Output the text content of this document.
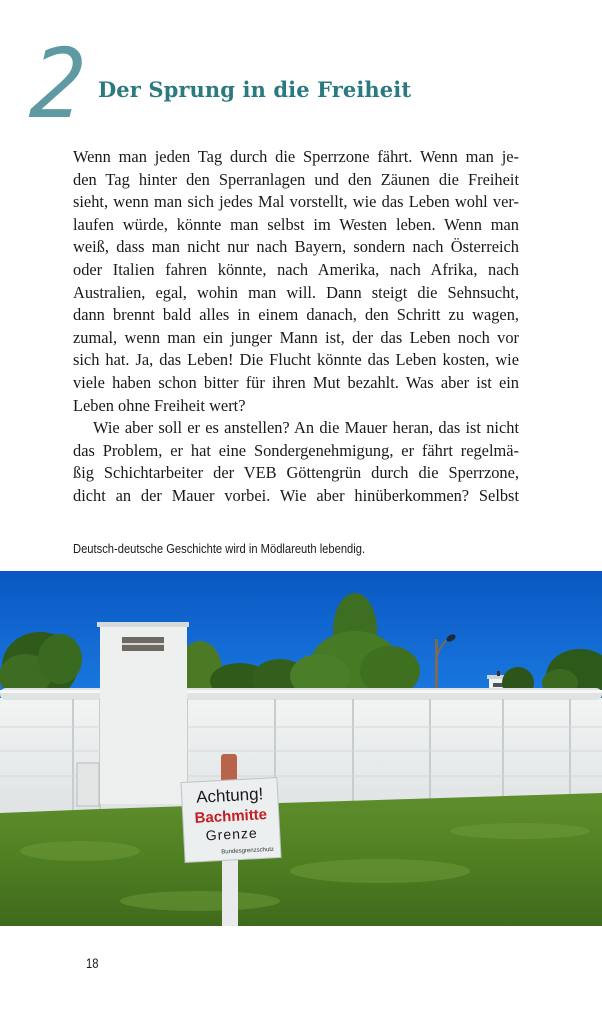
2 Der Sprung in die Freiheit

Wenn man jeden Tag durch die Sperrzone fährt. Wenn man je-
den Tag hinter den Sperranlagen und den Zäunen die Freiheit
sieht, wenn man sich jedes Mal vorstellt, wie das Leben wohl ver-
laufen würde, könnte man selbst im Westen leben. Wenn man
weiß, dass man nicht nur nach Bayern, sondern nach Österreich
oder Italien fahren könnte, nach Amerika, nach Afrika, nach
Australien, egal, wohin man will. Dann steigt die Sehnsucht,
dann brennt bald alles in einem danach, den Schritt zu wagen,
zumal, wenn man ein junger Mann ist, der das Leben noch vor
sich hat. Ja, das Leben! Die Flucht könnte das Leben kosten, wie
viele haben schon bitter für ihren Mut bezahlt. Was aber ist ein
Leben ohne Freiheit wert?

Wie aber soll er es anstellen? An die Mauer heran, das ist nicht
das Problem, er hat eine Sondergenehmigung, er fährt regelmä-
ßig Schichtarbeiter der VEB Göttengrün durch die Sperrzone,
dicht an der Mauer vorbei. Wie aber hinüberkommen? Selbst

Deutsch-deutsche Geschichte wird in Mödlareuth lebendig.
Achtung!
Bachmitte
Grenze
Bundesgrenzschutz
18
